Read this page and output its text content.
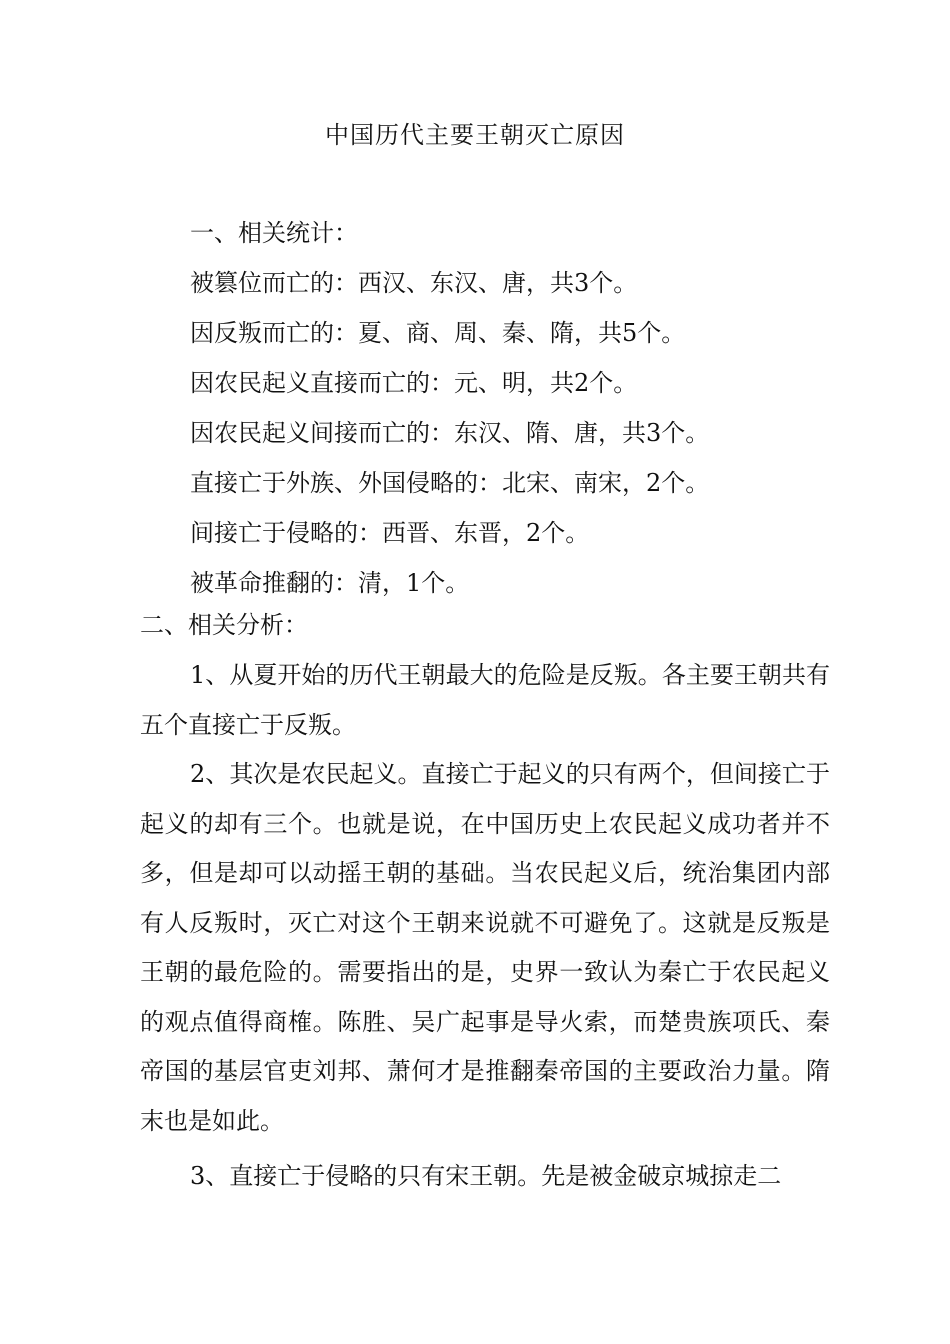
中国历代主要王朝灭亡原因
一、相关统计：
被篡位而亡的：西汉、东汉、唐，共3个。
因反叛而亡的：夏、商、周、秦、隋，共5个。
因农民起义直接而亡的：元、明，共2个。
因农民起义间接而亡的：东汉、隋、唐，共3个。
直接亡于外族、外国侵略的：北宋、南宋，2个。
间接亡于侵略的：西晋、东晋，2个。
被革命推翻的：清，1个。
二、相关分析：

1、从夏开始的历代王朝最大的危险是反叛。各主要王朝共有五个直接亡于反叛。

2、其次是农民起义。直接亡于起义的只有两个，但间接亡于起义的却有三个。也就是说，在中国历史上农民起义成功者并不多，但是却可以动摇王朝的基础。当农民起义后，统治集团内部有人反叛时，灭亡对这个王朝来说就不可避免了。这就是反叛是王朝的最危险的。需要指出的是，史界一致认为秦亡于农民起义的观点值得商榷。陈胜、吴广起事是导火索，而楚贵族项氏、秦帝国的基层官吏刘邦、萧何才是推翻秦帝国的主要政治力量。隋末也是如此。

3、直接亡于侵略的只有宋王朝。先是被金破京城掠走二
